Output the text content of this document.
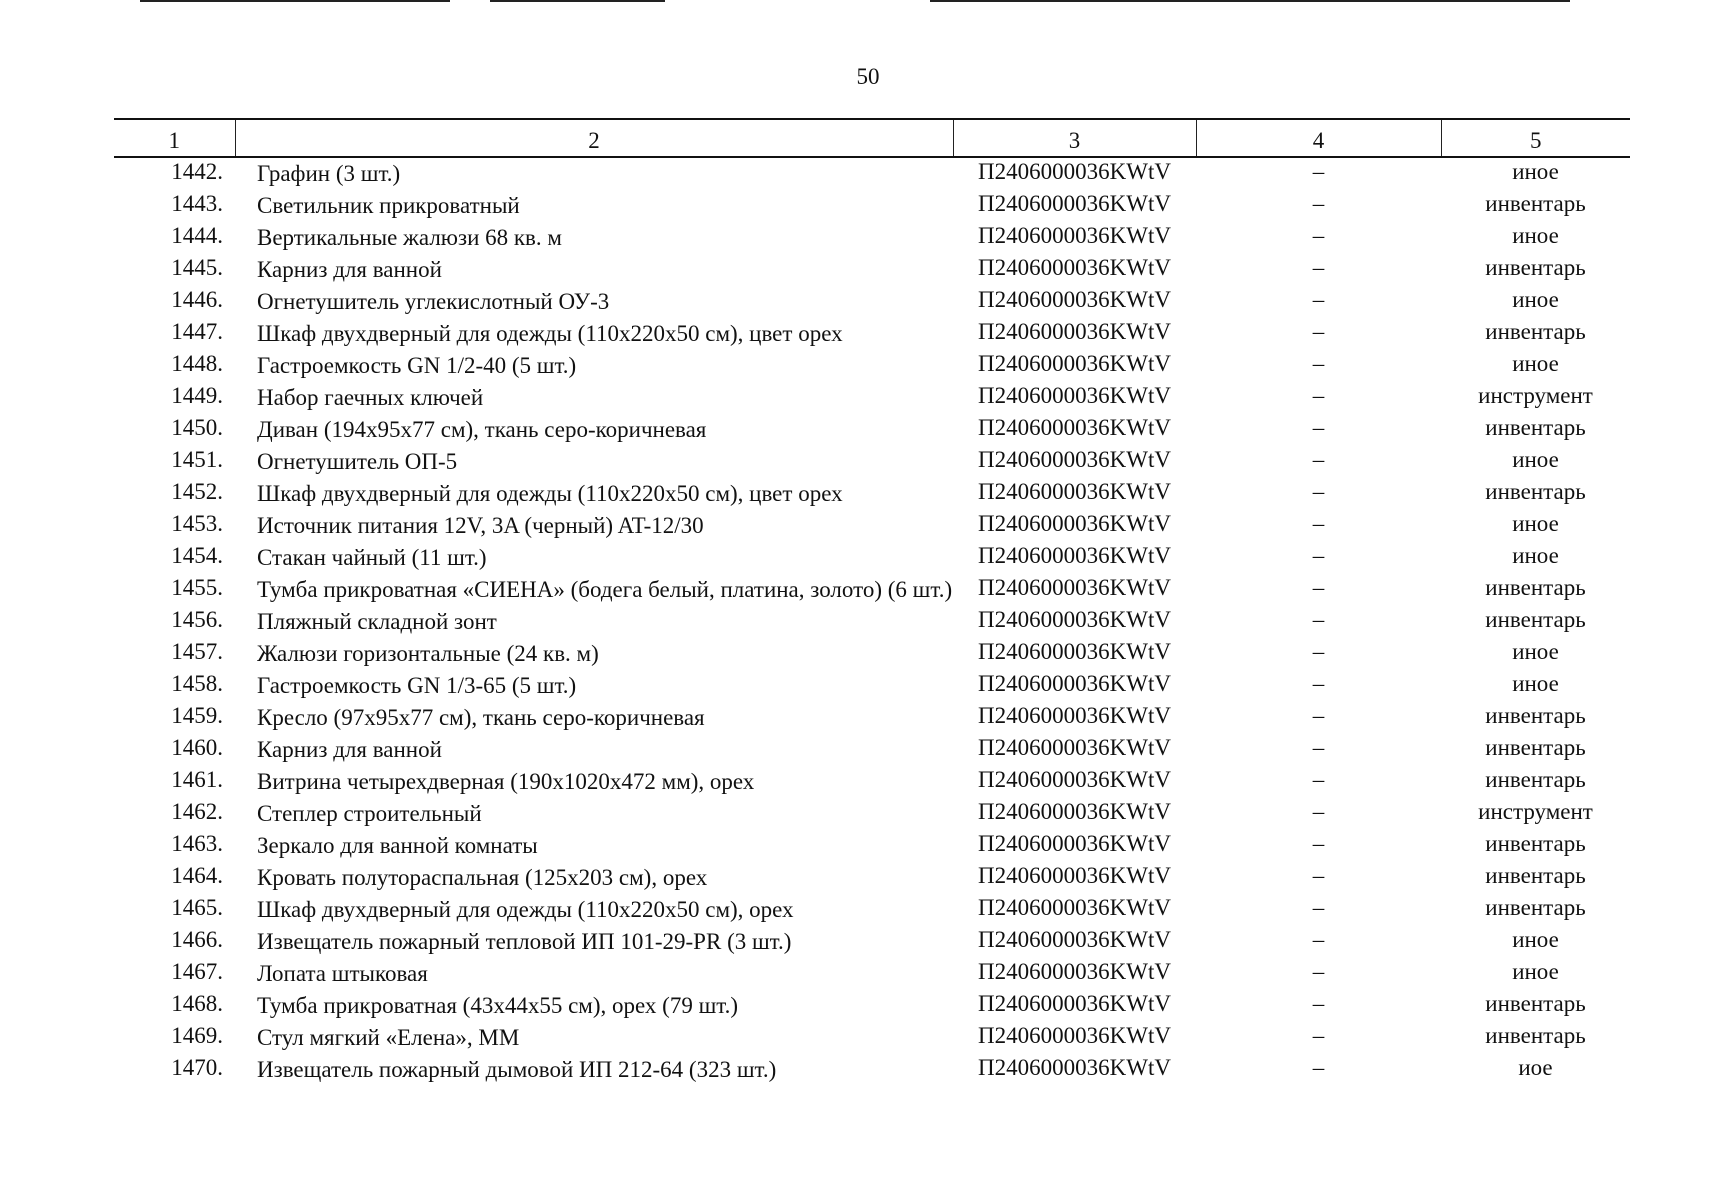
50
1	2	3	4	5
1442.	Графин (3 шт.)	П2406000036KWtV	–	иное
1443.	Светильник прикроватный	П2406000036KWtV	–	инвентарь
1444.	Вертикальные жалюзи 68 кв. м	П2406000036KWtV	–	иное
1445.	Карниз для ванной	П2406000036KWtV	–	инвентарь
1446.	Огнетушитель углекислотный ОУ-3	П2406000036KWtV	–	иное
1447.	Шкаф двухдверный для одежды (110x220x50 см), цвет орех	П2406000036KWtV	–	инвентарь
1448.	Гастроемкость GN 1/2-40 (5 шт.)	П2406000036KWtV	–	иное
1449.	Набор гаечных ключей	П2406000036KWtV	–	инструмент
1450.	Диван (194x95x77 см), ткань серо-коричневая	П2406000036KWtV	–	инвентарь
1451.	Огнетушитель ОП-5	П2406000036KWtV	–	иное
1452.	Шкаф двухдверный для одежды (110x220x50 см), цвет орех	П2406000036KWtV	–	инвентарь
1453.	Источник питания 12V, 3A (черный) AT-12/30	П2406000036KWtV	–	иное
1454.	Стакан чайный (11 шт.)	П2406000036KWtV	–	иное
1455.	Тумба прикроватная «СИЕНА» (бодега белый, платина, золото) (6 шт.)	П2406000036KWtV	–	инвентарь
1456.	Пляжный складной зонт	П2406000036KWtV	–	инвентарь
1457.	Жалюзи горизонтальные (24 кв. м)	П2406000036KWtV	–	иное
1458.	Гастроемкость GN 1/3-65 (5 шт.)	П2406000036KWtV	–	иное
1459.	Кресло (97x95x77 см), ткань серо-коричневая	П2406000036KWtV	–	инвентарь
1460.	Карниз для ванной	П2406000036KWtV	–	инвентарь
1461.	Витрина четырехдверная (190x1020x472 мм), орех	П2406000036KWtV	–	инвентарь
1462.	Степлер строительный	П2406000036KWtV	–	инструмент
1463.	Зеркало для ванной комнаты	П2406000036KWtV	–	инвентарь
1464.	Кровать полутораспальная (125x203 см), орех	П2406000036KWtV	–	инвентарь
1465.	Шкаф двухдверный для одежды (110x220x50 см), орех	П2406000036KWtV	–	инвентарь
1466.	Извещатель пожарный тепловой ИП 101-29-PR (3 шт.)	П2406000036KWtV	–	иное
1467.	Лопата штыковая	П2406000036KWtV	–	иное
1468.	Тумба прикроватная (43x44x55 см), орех (79 шт.)	П2406000036KWtV	–	инвентарь
1469.	Стул мягкий «Елена», ММ	П2406000036KWtV	–	инвентарь
1470.	Извещатель пожарный дымовой ИП 212-64 (323 шт.)	П2406000036KWtV	–	иое
